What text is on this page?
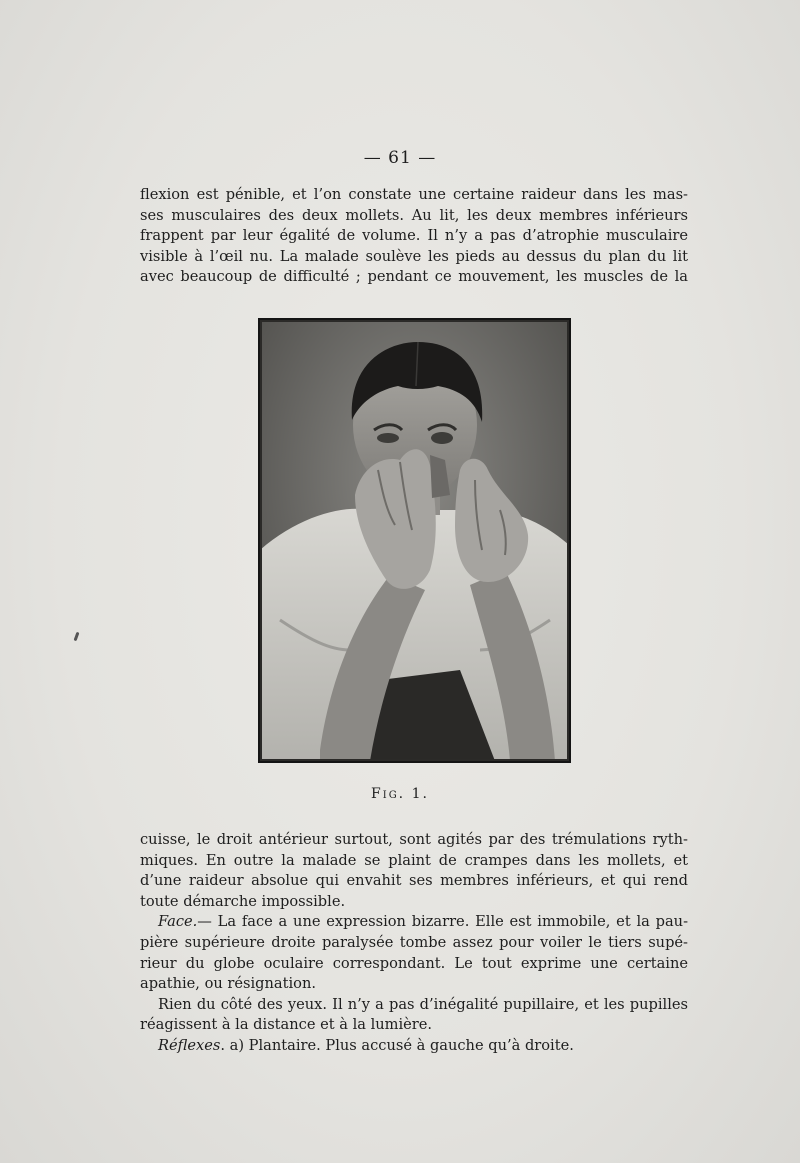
— 61 —
flexion est pénible, et l’on constate une certaine raideur dans les mas-
ses musculaires des deux mollets. Au lit, les deux membres inférieurs
frappent par leur égalité de volume. Il n’y a pas d’atrophie musculaire
visible à l’œil nu. La malade soulève les pieds au dessus du plan du lit
avec beaucoup de difficulté ; pendant ce mouvement, les muscles de la
Fig. 1.
cuisse, le droit antérieur surtout, sont agités par des trémulations ryth-
miques. En outre la malade se plaint de crampes dans les mollets, et
d’une raideur absolue qui envahit ses membres inférieurs, et qui rend
toute démarche impossible.
Face.— La face a une expression bizarre. Elle est immobile, et la pau-
pière supérieure droite paralysée tombe assez pour voiler le tiers supé-
rieur du globe oculaire correspondant. Le tout exprime une certaine
apathie, ou résignation.
Rien du côté des yeux. Il n’y a pas d’inégalité pupillaire, et les pupilles
réagissent à la distance et à la lumière.
Réflexes. a) Plantaire. Plus accusé à gauche qu’à droite.
